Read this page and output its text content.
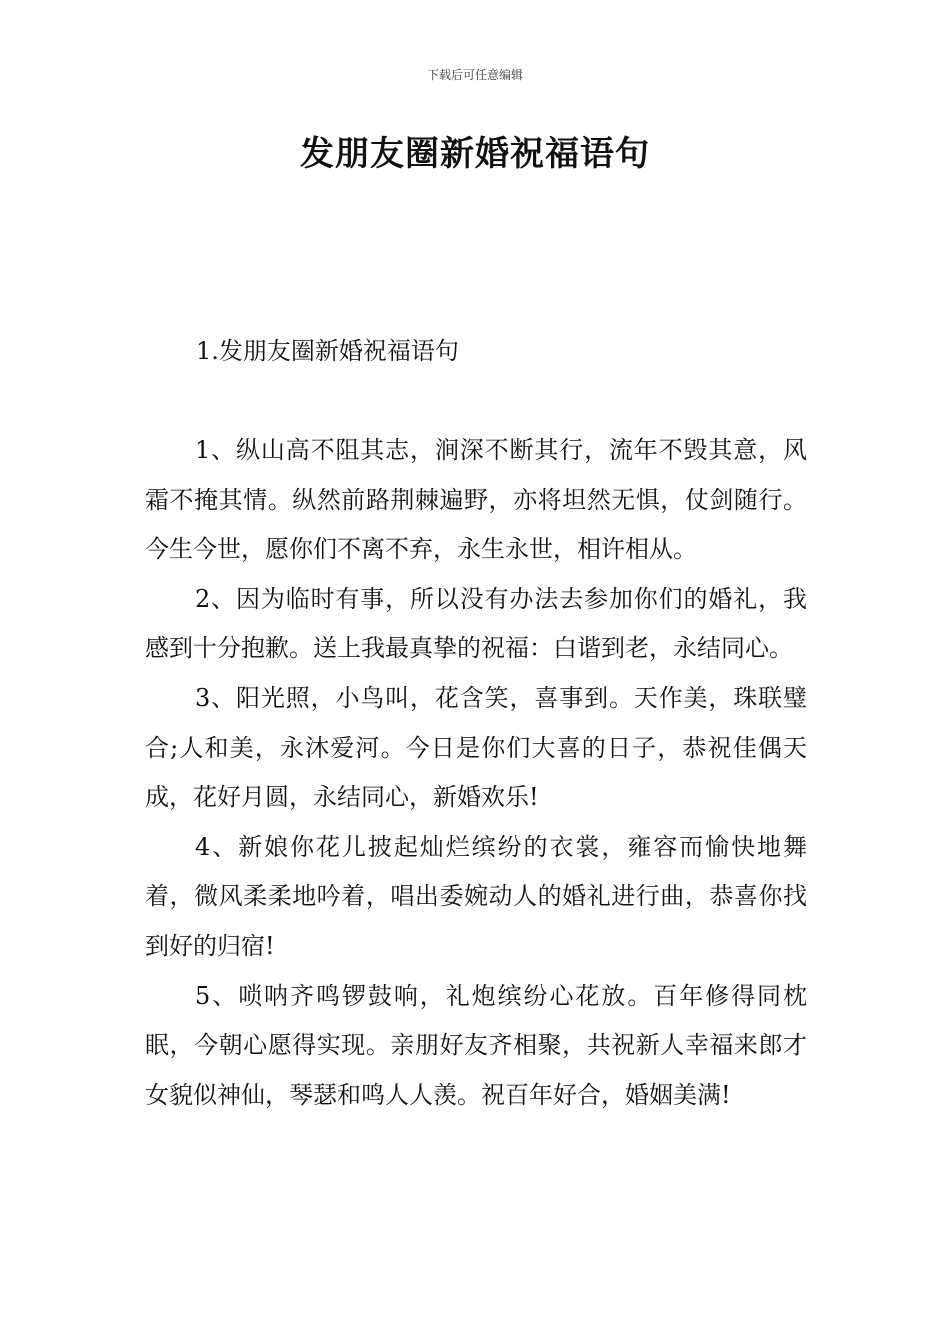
下载后可任意编辑
发朋友圈新婚祝福语句
1.发朋友圈新婚祝福语句

1、纵山高不阻其志，涧深不断其行，流年不毁其意，风霜不掩其情。纵然前路荆棘遍野，亦将坦然无惧，仗剑随行。今生今世，愿你们不离不弃，永生永世，相许相从。

2、因为临时有事，所以没有办法去参加你们的婚礼，我感到十分抱歉。送上我最真挚的祝福：白谐到老，永结同心。

3、阳光照，小鸟叫，花含笑，喜事到。天作美，珠联璧合;人和美，永沐爱河。今日是你们大喜的日子，恭祝佳偶天成，花好月圆，永结同心，新婚欢乐!

4、新娘你花儿披起灿烂缤纷的衣裳，雍容而愉快地舞着，微风柔柔地吟着，唱出委婉动人的婚礼进行曲，恭喜你找到好的归宿!

5、唢呐齐鸣锣鼓响，礼炮缤纷心花放。百年修得同枕眠，今朝心愿得实现。亲朋好友齐相聚，共祝新人幸福来郎才女貌似神仙，琴瑟和鸣人人羡。祝百年好合，婚姻美满!
